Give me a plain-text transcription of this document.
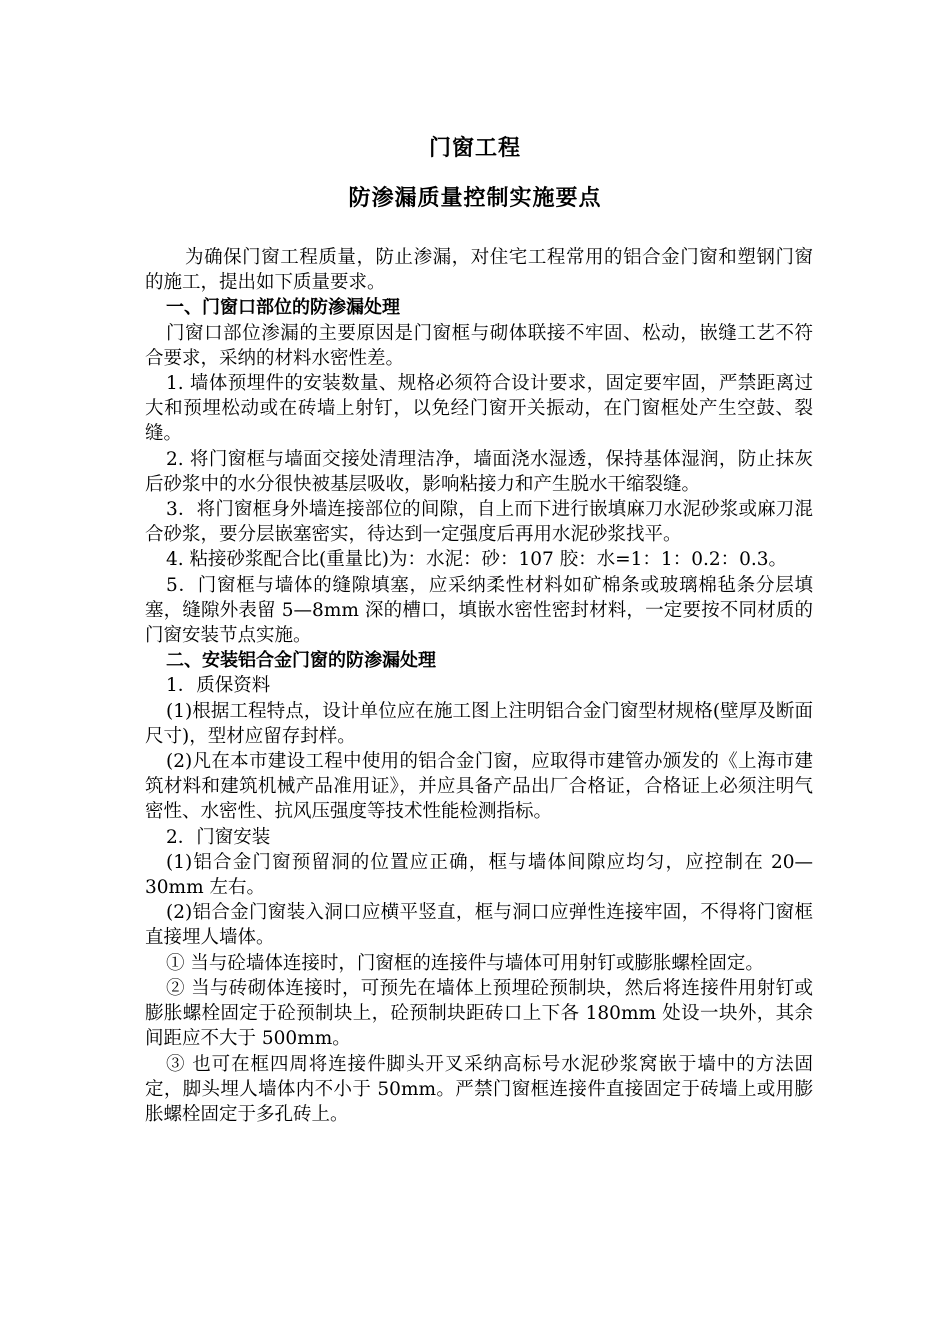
门窗工程
防渗漏质量控制实施要点

　为确保门窗工程质量，防止渗漏，对住宅工程常用的铝合金门窗和塑钢门窗的施工，提出如下质量要求。

一、门窗口部位的防渗漏处理

门窗口部位渗漏的主要原因是门窗框与砌体联接不牢固、松动，嵌缝工艺不符合要求，采纳的材料水密性差。

1. 墙体预埋件的安装数量、规格必须符合设计要求，固定要牢固，严禁距离过大和预埋松动或在砖墙上射钉，以免经门窗开关振动，在门窗框处产生空鼓、裂缝。

2. 将门窗框与墙面交接处清理洁净，墙面浇水湿透，保持基体湿润，防止抹灰后砂浆中的水分很快被基层吸收，影响粘接力和产生脱水干缩裂缝。

3．将门窗框身外墙连接部位的间隙，自上而下进行嵌填麻刀水泥砂浆或麻刀混合砂浆，要分层嵌塞密实，待达到一定强度后再用水泥砂浆找平。

4. 粘接砂浆配合比(重量比)为：水泥：砂：107 胶：水=1：1：0.2：0.3。

5．门窗框与墙体的缝隙填塞，应采纳柔性材料如矿棉条或玻璃棉毡条分层填塞，缝隙外表留 5—8mm 深的槽口，填嵌水密性密封材料，一定要按不同材质的门窗安装节点实施。

二、安装铝合金门窗的防渗漏处理

1．质保资料

(1)根据工程特点，设计单位应在施工图上注明铝合金门窗型材规格(壁厚及断面尺寸)，型材应留存封样。

(2)凡在本市建设工程中使用的铝合金门窗，应取得市建管办颁发的《上海市建筑材料和建筑机械产品准用证》，并应具备产品出厂合格证，合格证上必须注明气密性、水密性、抗风压强度等技术性能检测指标。

2．门窗安装

(1)铝合金门窗预留洞的位置应正确，框与墙体间隙应均匀，应控制在 20—30mm 左右。

(2)铝合金门窗装入洞口应横平竖直，框与洞口应弹性连接牢固，不得将门窗框直接埋人墙体。

① 当与砼墙体连接时，门窗框的连接件与墙体可用射钉或膨胀螺栓固定。

② 当与砖砌体连接时，可预先在墙体上预埋砼预制块，然后将连接件用射钉或膨胀螺栓固定于砼预制块上，砼预制块距砖口上下各 180mm 处设一块外，其余间距应不大于 500mm。

③ 也可在框四周将连接件脚头开叉采纳高标号水泥砂浆窝嵌于墙中的方法固定，脚头埋人墙体内不小于 50mm。严禁门窗框连接件直接固定于砖墙上或用膨胀螺栓固定于多孔砖上。
